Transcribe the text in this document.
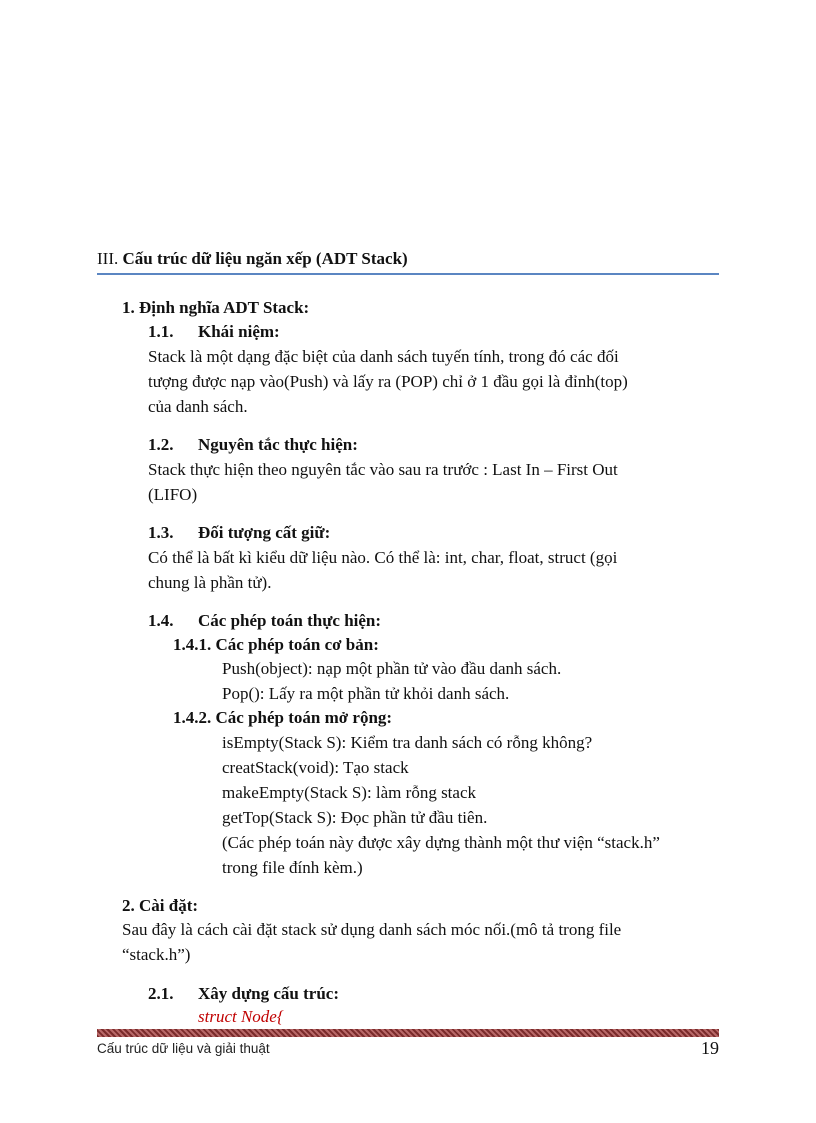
III. Cấu trúc dữ liệu ngăn xếp (ADT Stack)
1. Định nghĩa ADT Stack:
1.1. Khái niệm:
Stack là một dạng đặc biệt của danh sách tuyến tính, trong đó các đối
tượng được nạp vào(Push) và lấy ra (POP) chỉ ở 1 đầu gọi là đỉnh(top)
của danh sách.
1.2. Nguyên tắc thực hiện:
Stack thực hiện theo nguyên tắc vào sau ra trước : Last In – First Out
(LIFO)
1.3. Đối tượng cất giữ:
Có thể là bất kì kiểu dữ liệu nào. Có thể là: int, char, float, struct (gọi
chung là phần tử).
1.4. Các phép toán thực hiện:
1.4.1. Các phép toán cơ bản:
Push(object): nạp một phần tử vào đầu danh sách.
Pop(): Lấy ra một phần tử khỏi danh sách.
1.4.2. Các phép toán mở rộng:
isEmpty(Stack S): Kiểm tra danh sách có rỗng không?
creatStack(void): Tạo stack
makeEmpty(Stack S): làm rỗng stack
getTop(Stack S): Đọc phần tử đầu tiên.
(Các phép toán này được xây dựng thành một thư viện “stack.h”
trong file đính kèm.)
2. Cài đặt:
Sau đây là cách cài đặt stack sử dụng danh sách móc nối.(mô tả trong file
“stack.h”)
2.1. Xây dựng cấu trúc:
struct Node{
Cấu trúc dữ liệu và giải thuật	19
